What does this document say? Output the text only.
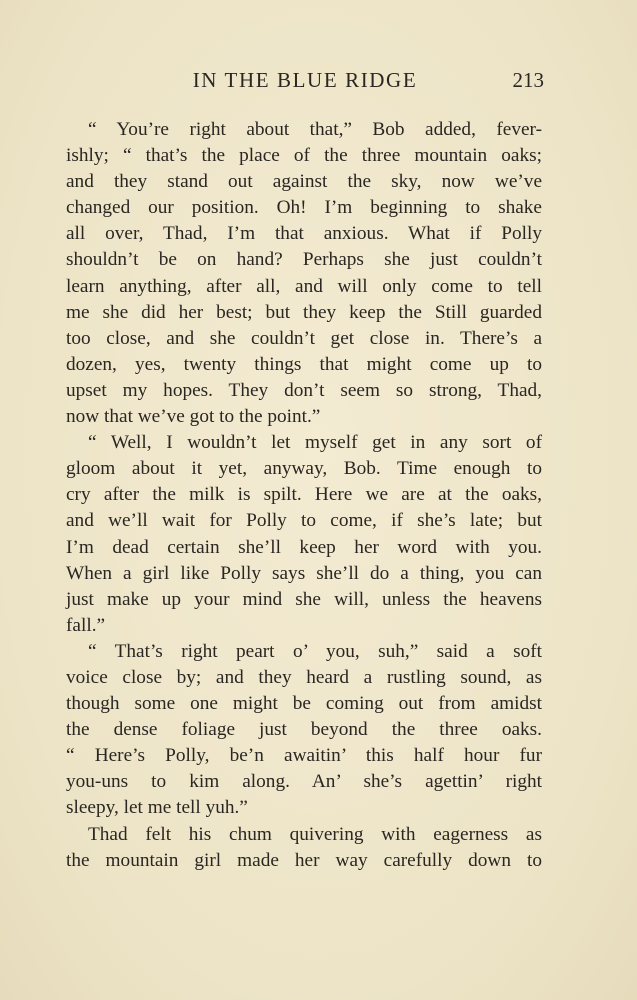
IN THE BLUE RIDGE	213
“ You’re right about that,” Bob added, fever-
ishly; “ that’s the place of the three mountain oaks;
and they stand out against the sky, now we’ve
changed our position. Oh! I’m beginning to shake
all over, Thad, I’m that anxious. What if Polly
shouldn’t be on hand? Perhaps she just couldn’t
learn anything, after all, and will only come to tell
me she did her best; but they keep the Still guarded
too close, and she couldn’t get close in. There’s a
dozen, yes, twenty things that might come up to
upset my hopes. They don’t seem so strong, Thad,
now that we’ve got to the point.”
“ Well, I wouldn’t let myself get in any sort of
gloom about it yet, anyway, Bob. Time enough to
cry after the milk is spilt. Here we are at the oaks,
and we’ll wait for Polly to come, if she’s late; but
I’m dead certain she’ll keep her word with you.
When a girl like Polly says she’ll do a thing, you can
just make up your mind she will, unless the heavens
fall.”
“ That’s right peart o’ you, suh,” said a soft
voice close by; and they heard a rustling sound, as
though some one might be coming out from amidst
the dense foliage just beyond the three oaks.
“ Here’s Polly, be’n awaitin’ this half hour fur
you-uns to kim along. An’ she’s agettin’ right
sleepy, let me tell yuh.”
Thad felt his chum quivering with eagerness as
the mountain girl made her way carefully down to
